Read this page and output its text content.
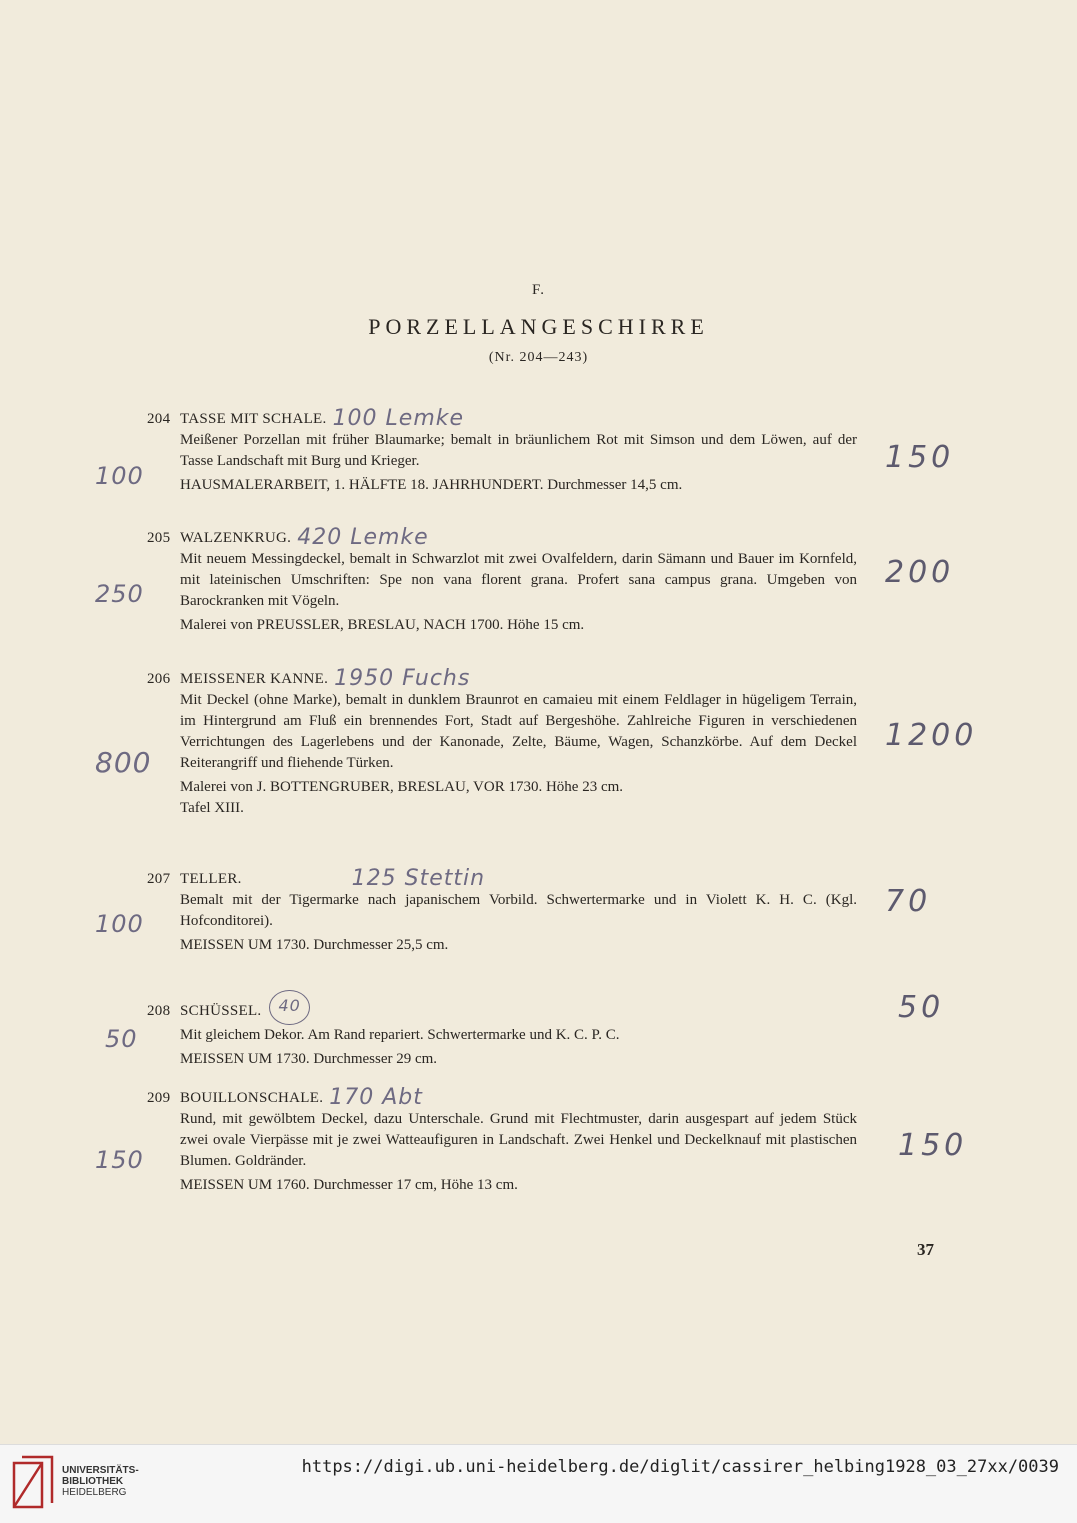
F.
PORZELLANGESCHIRRE
(Nr. 204—243)
204 TASSE MIT SCHALE. 100 Lemke
Meißener Porzellan mit früher Blaumarke; bemalt in bräunlichem Rot mit Simson und dem Löwen, auf der Tasse Landschaft mit Burg und Krieger.
HAUSMALERARBEIT, 1. HÄLFTE 18. JAHRHUNDERT. Durchmesser 14,5 cm.
100
150
205 WALZENKRUG. 420 Lemke
Mit neuem Messingdeckel, bemalt in Schwarzlot mit zwei Ovalfeldern, darin Sämann und Bauer im Kornfeld, mit lateinischen Umschriften: Spe non vana florent grana. Profert sana campus grana. Umgeben von Barockranken mit Vögeln.
Malerei von PREUSSLER, BRESLAU, NACH 1700. Höhe 15 cm.
250
200
206 MEISSENER KANNE. 1950 Fuchs
Mit Deckel (ohne Marke), bemalt in dunklem Braunrot en camaieu mit einem Feldlager in hügeligem Terrain, im Hintergrund am Fluß ein brennendes Fort, Stadt auf Bergeshöhe. Zahlreiche Figuren in verschiedenen Verrichtungen des Lagerlebens und der Kanonade, Zelte, Bäume, Wagen, Schanzkörbe. Auf dem Deckel Reiterangriff und fliehende Türken.
Malerei von J. BOTTENGRUBER, BRESLAU, VOR 1730. Höhe 23 cm.
Tafel XIII.
800
1200
207 TELLER.	125 Stettin
Bemalt mit der Tigermarke nach japanischem Vorbild. Schwertermarke und in Violett K. H. C. (Kgl. Hofconditorei).
MEISSEN UM 1730. Durchmesser 25,5 cm.
100
70
208 SCHÜSSEL. 40
Mit gleichem Dekor. Am Rand repariert. Schwertermarke und K. C. P. C.
MEISSEN UM 1730. Durchmesser 29 cm.
50
50
209 BOUILLONSCHALE. 170 Abt
Rund, mit gewölbtem Deckel, dazu Unterschale. Grund mit Flechtmuster, darin ausgespart auf jedem Stück zwei ovale Vierpässe mit je zwei Watteaufiguren in Landschaft. Zwei Henkel und Deckelknauf mit plastischen Blumen. Goldränder.
MEISSEN UM 1760. Durchmesser 17 cm, Höhe 13 cm.
150	150
37
UNIVERSITÄTS-
BIBLIOTHEK
HEIDELBERG
https://digi.ub.uni-heidelberg.de/diglit/cassirer_helbing1928_03_27xx/0039
